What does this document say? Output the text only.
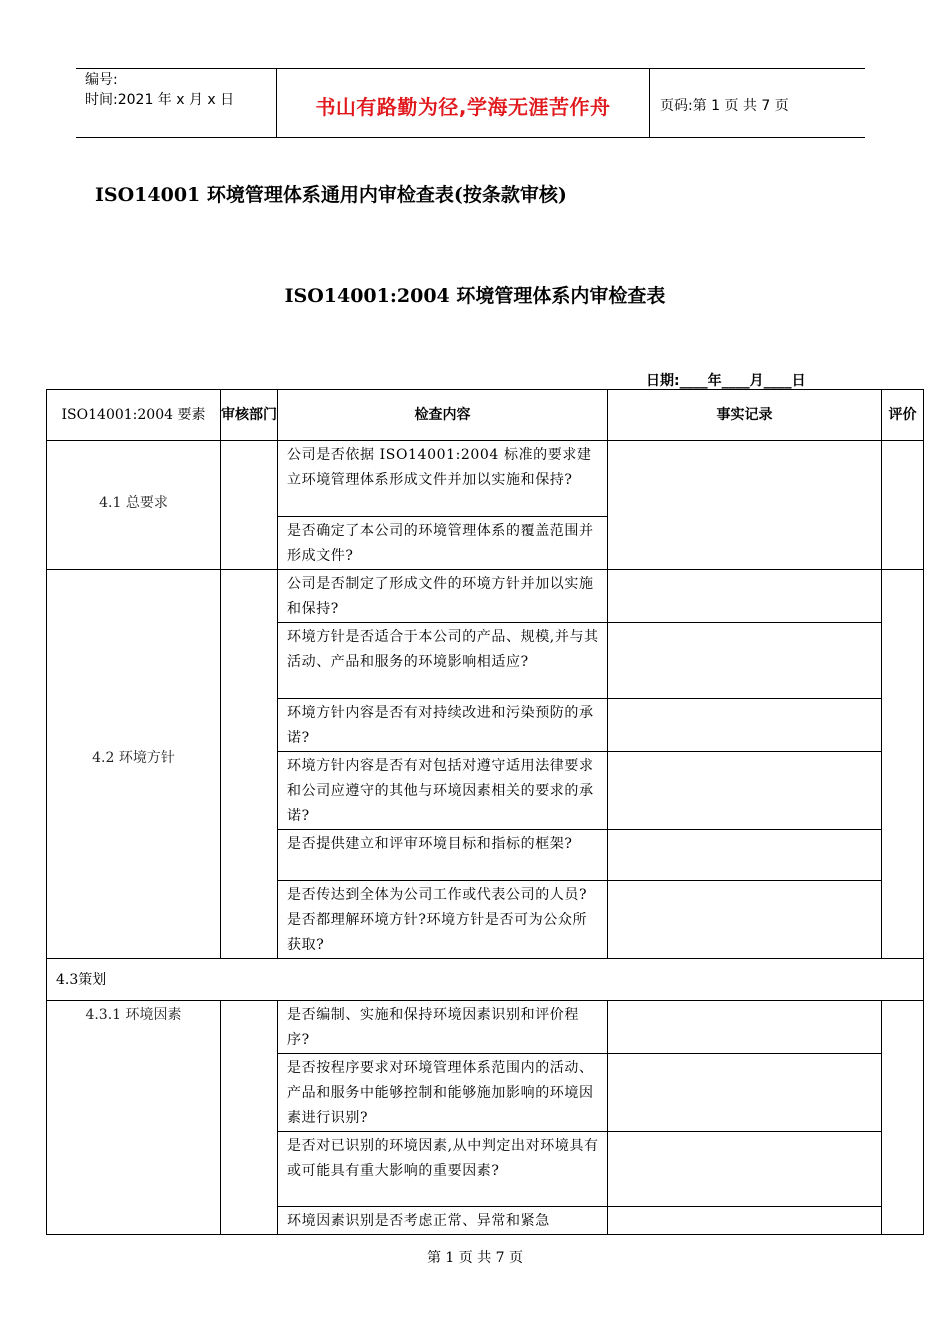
编号:
时间:2021 年 x 月 x 日	书山有路勤为径,学海无涯苦作舟	页码:第 1 页 共 7 页
ISO14001 环境管理体系通用内审检查表(按条款审核)
ISO14001:2004 环境管理体系内审检查表
日期:____年____月____日
ISO14001:2004 要素	审核部门	检查内容	事实记录	评价
4.1 总要求		公司是否依据 ISO14001:2004 标准的要求建立环境管理体系形成文件并加以实施和保持?		
		是否确定了本公司的环境管理体系的覆盖范围并形成文件?		
4.2 环境方针		公司是否制定了形成文件的环境方针并加以实施和保持?		
		环境方针是否适合于本公司的产品、规模,并与其活动、产品和服务的环境影响相适应?		
		环境方针内容是否有对持续改进和污染预防的承诺?		
		环境方针内容是否有对包括对遵守适用法律要求和公司应遵守的其他与环境因素相关的要求的承诺?		
		是否提供建立和评审环境目标和指标的框架?		
		是否传达到全体为公司工作或代表公司的人员?是否都理解环境方针?环境方针是否可为公众所获取?		
4.3策划				
4.3.1 环境因素		是否编制、实施和保持环境因素识别和评价程序?		
		是否按程序要求对环境管理体系范围内的活动、产品和服务中能够控制和能够施加影响的环境因素进行识别?		
		是否对已识别的环境因素,从中判定出对环境具有或可能具有重大影响的重要因素?		
		环境因素识别是否考虑正常、异常和紧急		
第 1 页 共 7 页
